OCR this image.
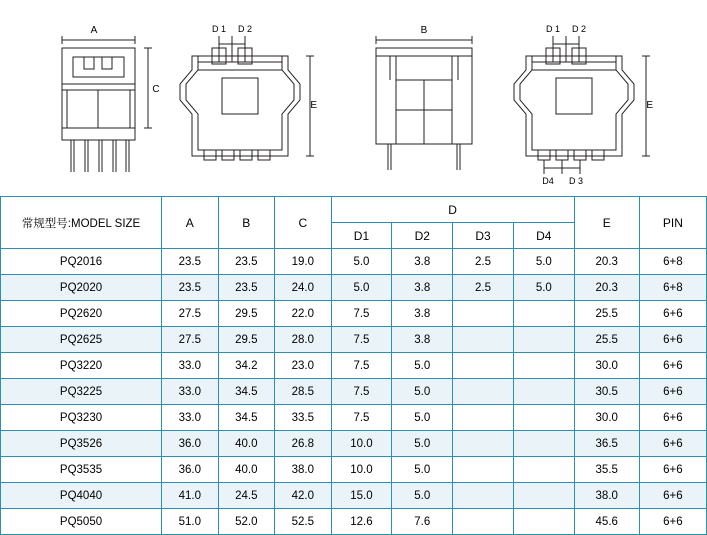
A
C
D 1 D 2
E
B	D 1 D 2
D4 D 3
E
常规型号:MODEL SIZE	A	B	C	D				E	PIN
				D1	D2	D3	D4		
PQ2016	23.5	23.5	19.0	5.0	3.8	2.5	5.0	20.3	6+8
PQ2020	23.5	23.5	24.0	5.0	3.8	2.5	5.0	20.3	6+8
PQ2620	27.5	29.5	22.0	7.5	3.8			25.5	6+6
PQ2625	27.5	29.5	28.0	7.5	3.8			25.5	6+6
PQ3220	33.0	34.2	23.0	7.5	5.0			30.0	6+6
PQ3225	33.0	34.5	28.5	7.5	5.0			30.5	6+6
PQ3230	33.0	34.5	33.5	7.5	5.0			30.0	6+6
PQ3526	36.0	40.0	26.8	10.0	5.0			36.5	6+6
PQ3535	36.0	40.0	38.0	10.0	5.0			35.5	6+6
PQ4040	41.0	24.5	42.0	15.0	5.0			38.0	6+6
PQ5050	51.0	52.0	52.5	12.6	7.6			45.6	6+6
